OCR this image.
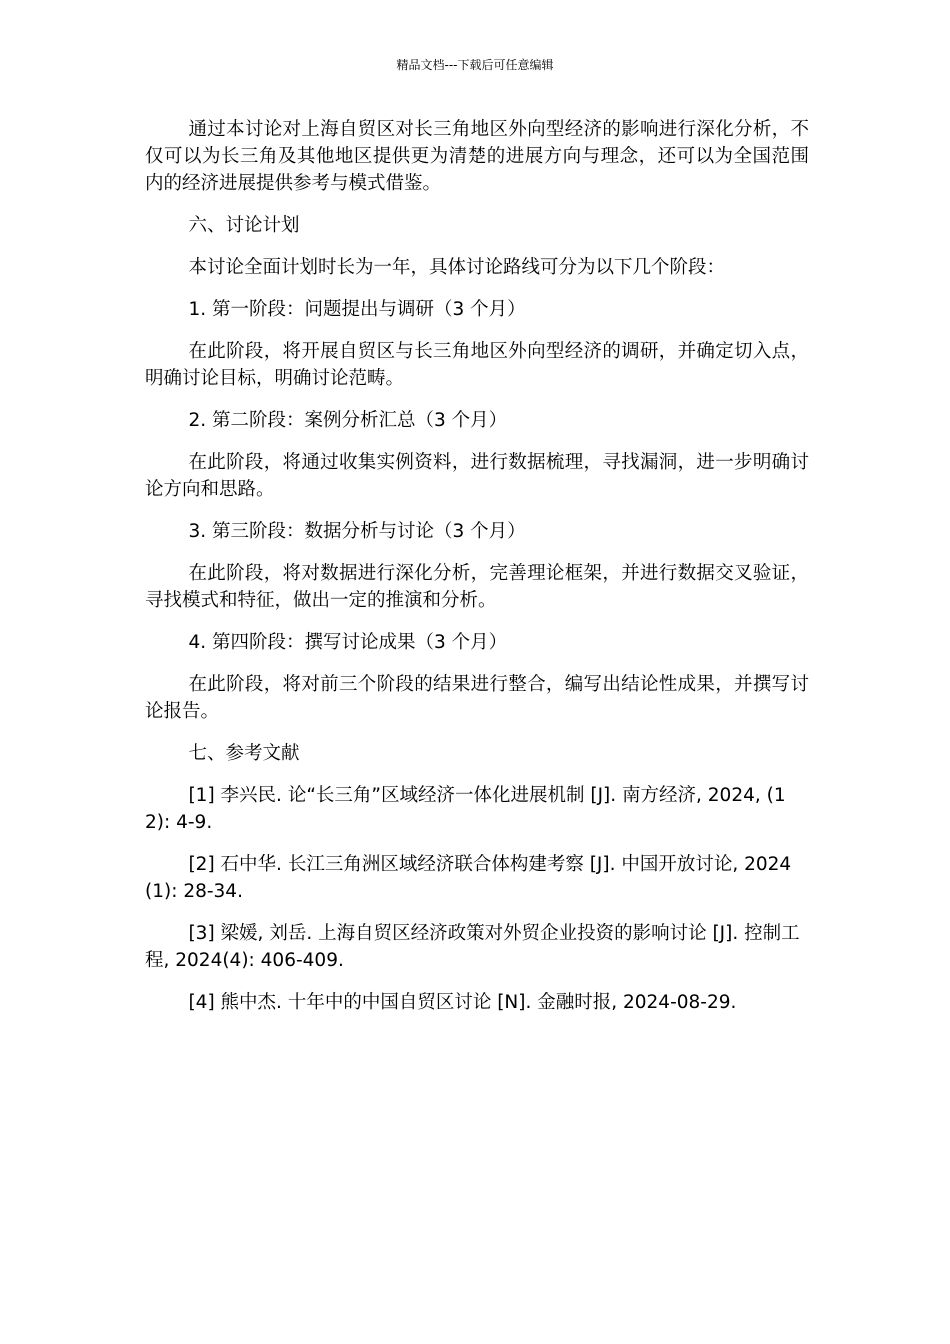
精品文档---下载后可任意编辑

通过本讨论对上海自贸区对长三角地区外向型经济的影响进行深化分析，不仅可以为长三角及其他地区提供更为清楚的进展方向与理念，还可以为全国范围内的经济进展提供参考与模式借鉴。

六、讨论计划

本讨论全面计划时长为一年，具体讨论路线可分为以下几个阶段：

1. 第一阶段：问题提出与调研（3 个月）

在此阶段，将开展自贸区与长三角地区外向型经济的调研，并确定切入点，明确讨论目标，明确讨论范畴。

2. 第二阶段：案例分析汇总（3 个月）

在此阶段，将通过收集实例资料，进行数据梳理，寻找漏洞，进一步明确讨论方向和思路。

3. 第三阶段：数据分析与讨论（3 个月）

在此阶段，将对数据进行深化分析，完善理论框架，并进行数据交叉验证，寻找模式和特征，做出一定的推演和分析。

4. 第四阶段：撰写讨论成果（3 个月）

在此阶段，将对前三个阶段的结果进行整合，编写出结论性成果，并撰写讨论报告。

七、参考文献

[1] 李兴民. 论“长三角”区域经济一体化进展机制 [J]. 南方经济, 2024, (12): 4-9.

[2] 石中华. 长江三角洲区域经济联合体构建考察 [J]. 中国开放讨论, 2024(1): 28-34.

[3] 梁媛, 刘岳. 上海自贸区经济政策对外贸企业投资的影响讨论 [J]. 控制工程, 2024(4): 406-409.

[4] 熊中杰. 十年中的中国自贸区讨论 [N]. 金融时报, 2024-08-29.
